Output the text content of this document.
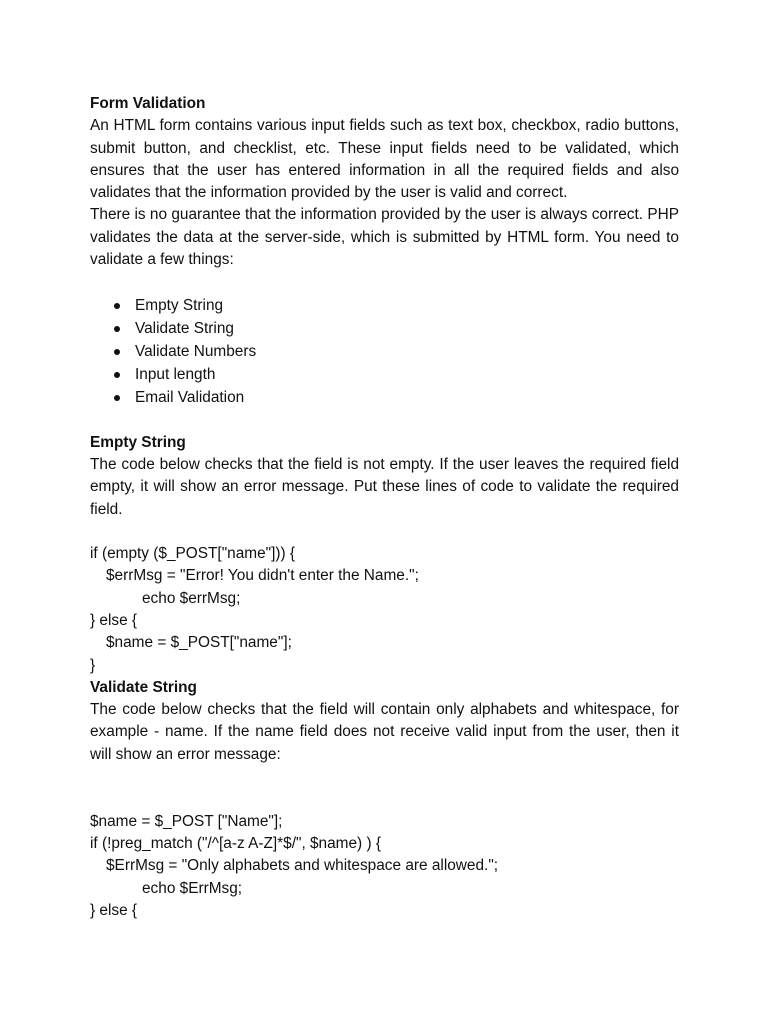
Form Validation

An HTML form contains various input fields such as text box, checkbox, radio buttons, submit button, and checklist, etc. These input fields need to be validated, which ensures that the user has entered information in all the required fields and also validates that the information provided by the user is valid and correct.

There is no guarantee that the information provided by the user is always correct. PHP validates the data at the server-side, which is submitted by HTML form. You need to validate a few things:

Empty String
Validate String
Validate Numbers
Input length
Email Validation

Empty String

The code below checks that the field is not empty. If the user leaves the required field empty, it will show an error message. Put these lines of code to validate the required field.

if (empty ($_POST["name"])) {

$errMsg = "Error! You didn't enter the Name.";

echo $errMsg;

} else {

$name = $_POST["name"];

}

Validate String

The code below checks that the field will contain only alphabets and whitespace, for example - name. If the name field does not receive valid input from the user, then it will show an error message:

$name = $_POST ["Name"];

if (!preg_match ("/^[a-z A-Z]*$/", $name) ) {

$ErrMsg = "Only alphabets and whitespace are allowed.";

echo $ErrMsg;

} else {
